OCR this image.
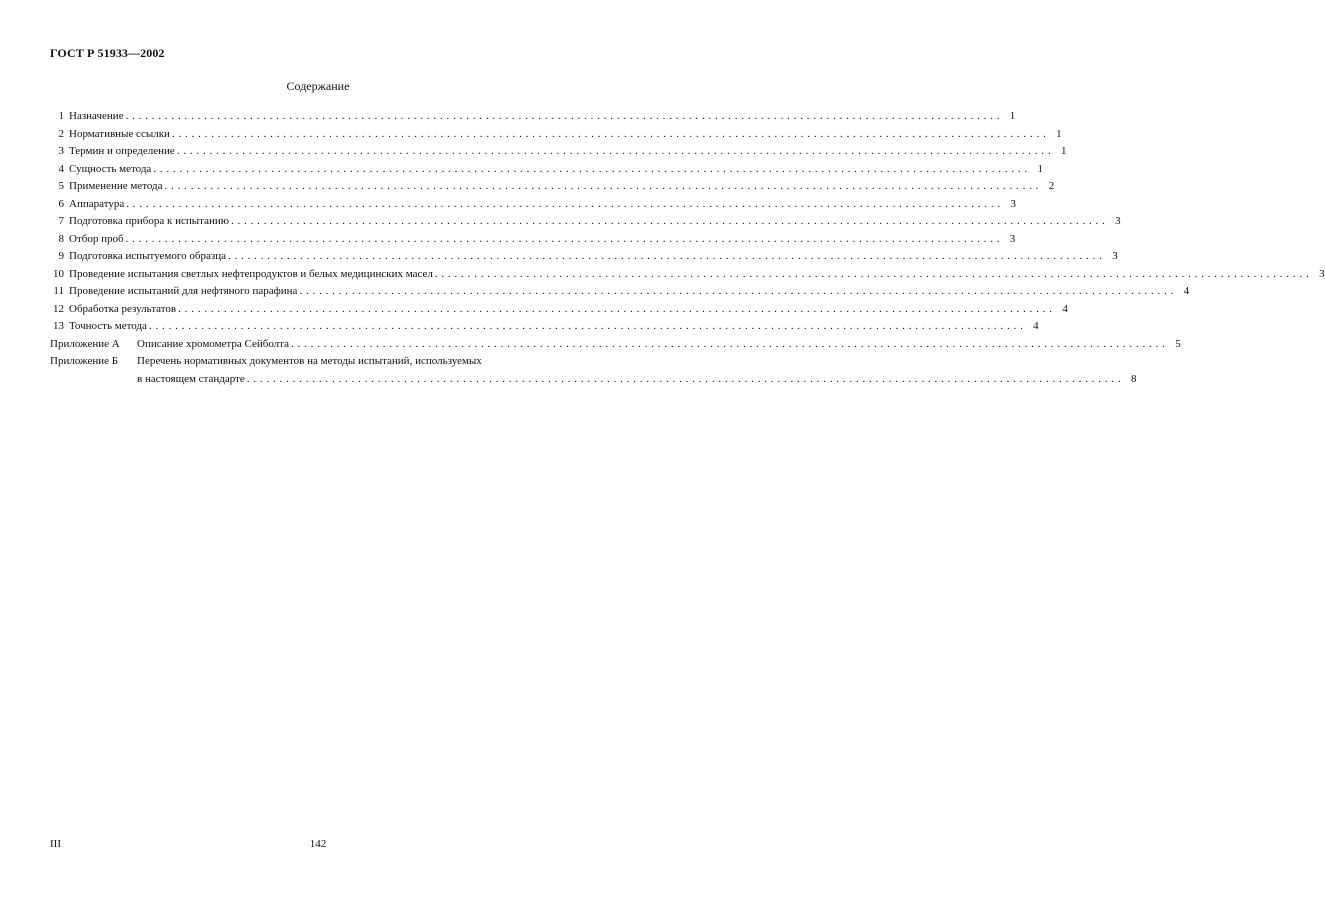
ГОСТ Р 51933—2002
Содержание
1 Назначение ...................................................................................................................................... 1
2 Нормативные ссылки ...................................................................................................................................... 1
3 Термин и определение ...................................................................................................................................... 1
4 Сущность метода ...................................................................................................................................... 1
5 Применение метода ...................................................................................................................................... 2
6 Аппаратура ...................................................................................................................................... 3
7 Подготовка прибора к испытанию ...................................................................................................................................... 3
8 Отбор проб ...................................................................................................................................... 3
9 Подготовка испытуемого образца ...................................................................................................................................... 3
10 Проведение испытания светлых нефтепродуктов и белых медицинских масел ...................................................................................................................................... 3
11 Проведение испытаний для нефтяного парафина ...................................................................................................................................... 4
12 Обработка результатов ...................................................................................................................................... 4
13 Точность метода ...................................................................................................................................... 4
Приложение А Описание хромометра Сейболта ...................................................................................................................................... 5
Приложение Б Перечень нормативных документов на методы испытаний, используемых
в настоящем стандарте ...................................................................................................................................... 8
III	142
